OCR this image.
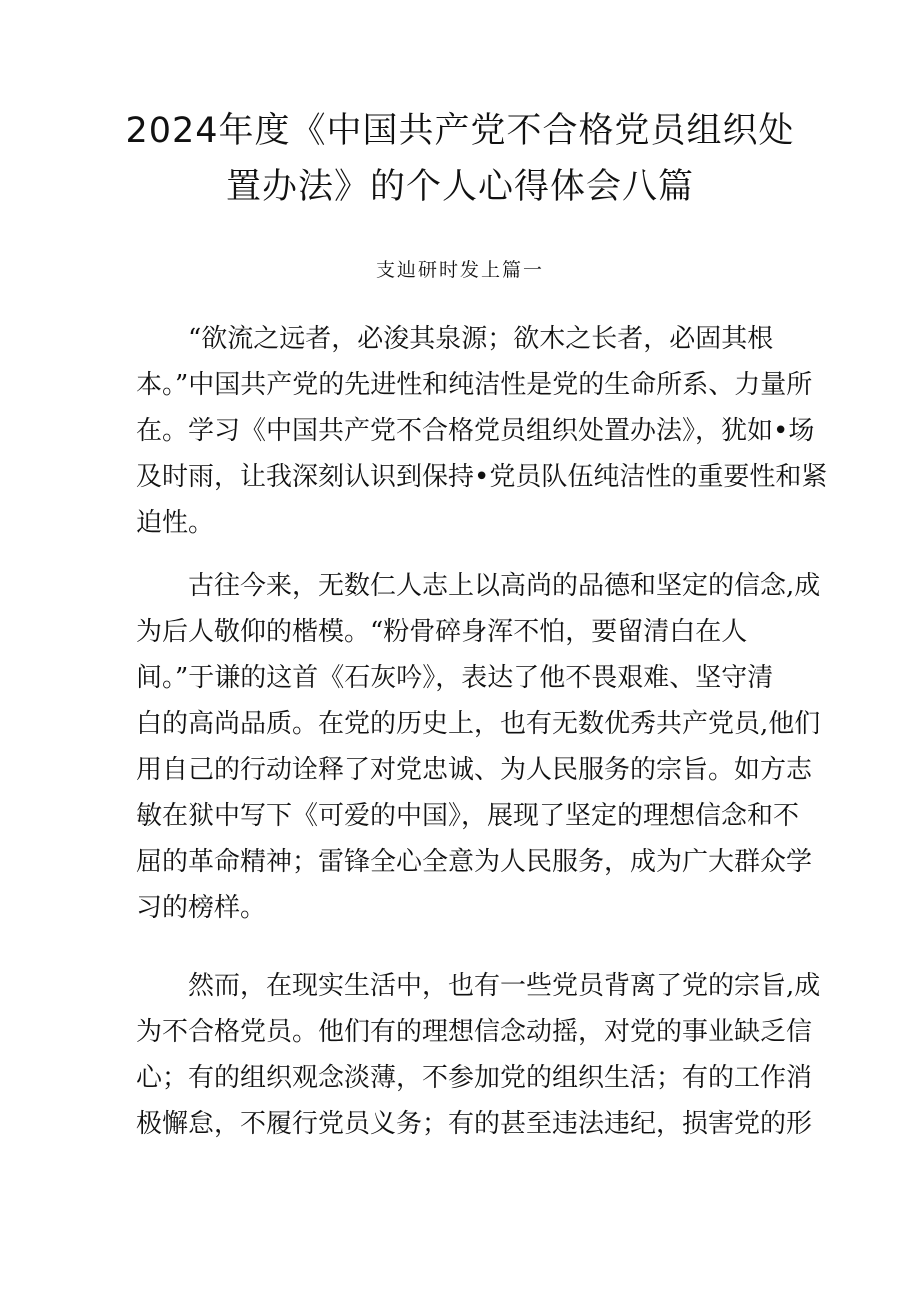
2024年度《中国共产党不合格党员组织处
置办法》的个人心得体会八篇

支辿研时发上篇一

“欲流之远者，必浚其泉源；欲木之长者，必固其根
本。”中国共产党的先进性和纯洁性是党的生命所系、力量所
在。学习《中国共产党不合格党员组织处置办法》，犹如•场
及时雨，让我深刻认识到保持•党员队伍纯洁性的重要性和紧
迫性。
古往今来，无数仁人志上以高尚的品德和坚定的信念,成
为后人敬仰的楷模。“粉骨碎身浑不怕，要留清白在人
间。”于谦的这首《石灰吟》，表达了他不畏艰难、坚守清
白的高尚品质。在党的历史上，也有无数优秀共产党员,他们
用自己的行动诠释了对党忠诚、为人民服务的宗旨。如方志
敏在狱中写下《可爱的中国》，展现了坚定的理想信念和不
屈的革命精神；雷锋全心全意为人民服务，成为广大群众学
习的榜样。
然而，在现实生活中，也有一些党员背离了党的宗旨,成
为不合格党员。他们有的理想信念动摇，对党的事业缺乏信
心；有的组织观念淡薄，不参加党的组织生活；有的工作消
极懈怠，不履行党员义务；有的甚至违法违纪，损害党的形
